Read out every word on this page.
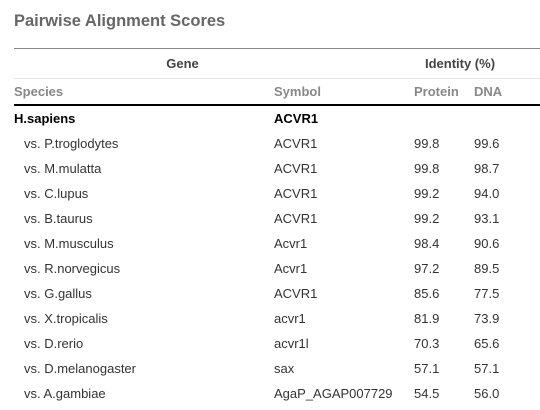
Pairwise Alignment Scores
Gene	Identity (%)
Species	Symbol	Protein DNA
H.sapiens	ACVR1
vs. P.troglodytes	ACVR1	99.8	99.6
vs. M.mulatta	ACVR1	99.8	98.7
vs. C.lupus	ACVR1	99.2	94.0
vs. B.taurus	ACVR1	99.2	93.1
vs. M.musculus	Acvr1	98.4	90.6
vs. R.norvegicus	Acvr1	97.2	89.5
vs. G.gallus	ACVR1	85.6	77.5
vs. X.tropicalis	acvr1	81.9	73.9
vs. D.rerio	acvr1l	70.3	65.6
vs. D.melanogaster	sax	57.1	57.1
vs. A.gambiae	AgaP_AGAP007729 54.5	56.0
